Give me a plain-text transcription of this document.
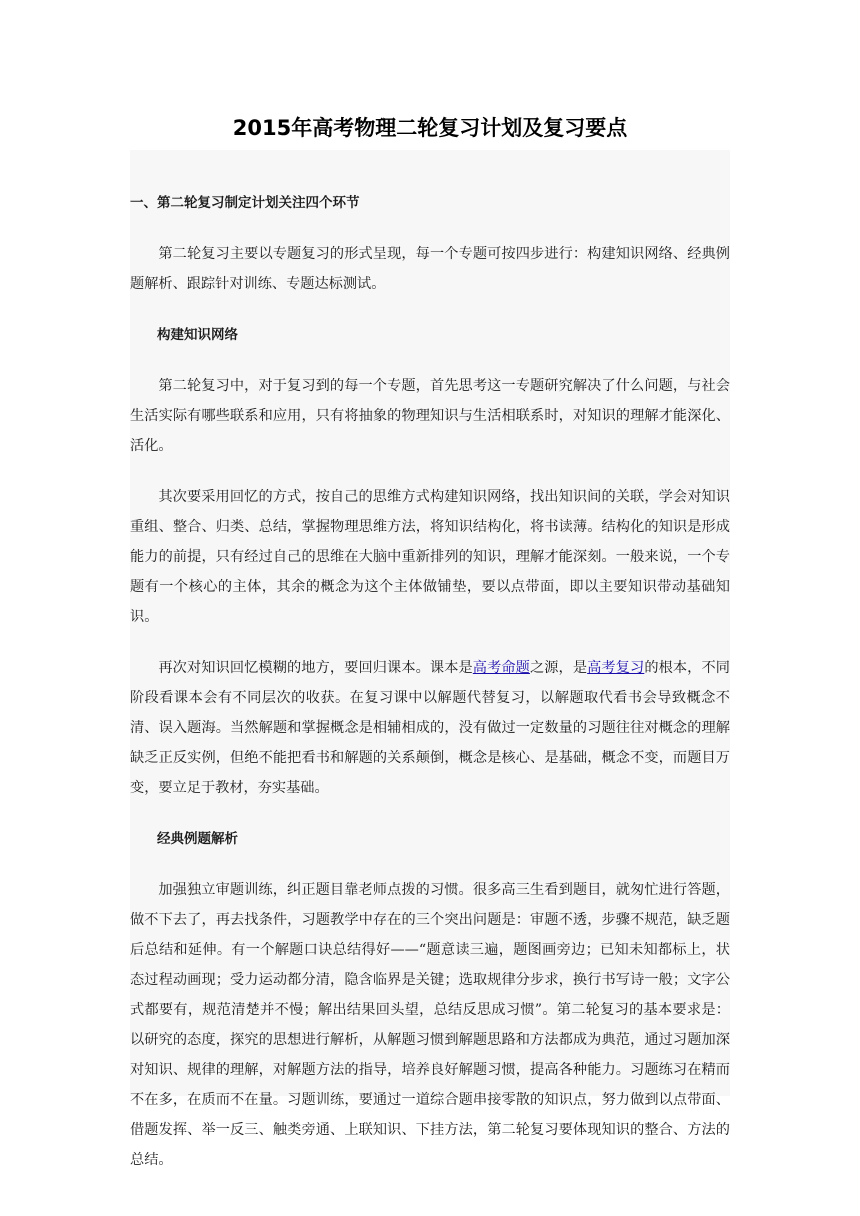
2015年高考物理二轮复习计划及复习要点

一、第二轮复习制定计划关注四个环节

第二轮复习主要以专题复习的形式呈现，每一个专题可按四步进行：构建知识网络、经典例题解析、跟踪针对训练、专题达标测试。

构建知识网络

第二轮复习中，对于复习到的每一个专题，首先思考这一专题研究解决了什么问题，与社会生活实际有哪些联系和应用，只有将抽象的物理知识与生活相联系时，对知识的理解才能深化、活化。

其次要采用回忆的方式，按自己的思维方式构建知识网络，找出知识间的关联，学会对知识重组、整合、归类、总结，掌握物理思维方法，将知识结构化，将书读薄。结构化的知识是形成能力的前提，只有经过自己的思维在大脑中重新排列的知识，理解才能深刻。一般来说，一个专题有一个核心的主体，其余的概念为这个主体做铺垫，要以点带面，即以主要知识带动基础知识。

再次对知识回忆模糊的地方，要回归课本。课本是高考命题之源，是高考复习的根本，不同阶段看课本会有不同层次的收获。在复习课中以解题代替复习，以解题取代看书会导致概念不清、误入题海。当然解题和掌握概念是相辅相成的，没有做过一定数量的习题往往对概念的理解缺乏正反实例，但绝不能把看书和解题的关系颠倒，概念是核心、是基础，概念不变，而题目万变，要立足于教材，夯实基础。

经典例题解析

加强独立审题训练，纠正题目靠老师点拨的习惯。很多高三生看到题目，就匆忙进行答题，做不下去了，再去找条件，习题教学中存在的三个突出问题是：审题不透，步骤不规范，缺乏题后总结和延伸。有一个解题口诀总结得好——“题意读三遍，题图画旁边；已知未知都标上，状态过程动画现；受力运动都分清，隐含临界是关键；选取规律分步求，换行书写诗一般；文字公式都要有，规范清楚并不慢；解出结果回头望，总结反思成习惯”。第二轮复习的基本要求是：以研究的态度，探究的思想进行解析，从解题习惯到解题思路和方法都成为典范，通过习题加深对知识、规律的理解，对解题方法的指导，培养良好解题习惯，提高各种能力。习题练习在精而不在多，在质而不在量。习题训练，要通过一道综合题串接零散的知识点，努力做到以点带面、借题发挥、举一反三、触类旁通、上联知识、下挂方法，第二轮复习要体现知识的整合、方法的总结。
